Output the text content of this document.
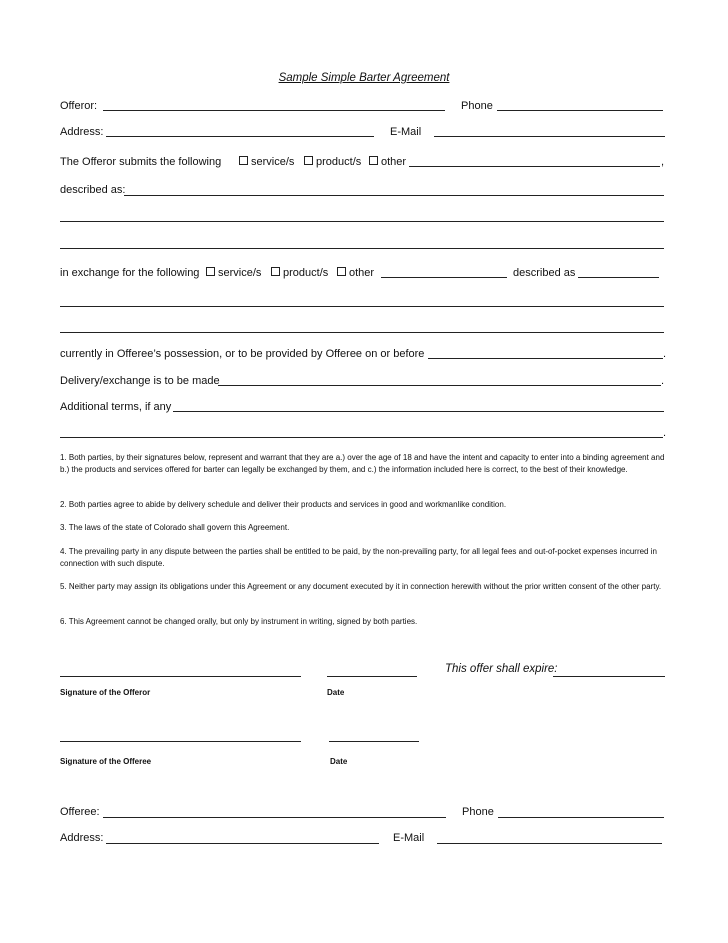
Sample Simple Barter Agreement
Offeror:	Phone
Address:	E-Mail
The Offeror submits the following	service/s	product/s	other	,
described as:
in exchange for the following	service/s	product/s	other	described as
currently in Offeree’s possession, or to be provided by Offeree on or before	.
Delivery/exchange is to be made	.
Additional terms, if any
.
1. Both parties, by their signatures below, represent and warrant that they are a.) over the age of 18 and have the intent and capacity to enter into a binding agreement and b.) the products and services offered for barter can legally be exchanged by them, and c.) the information included here is correct, to the best of their knowledge.
2. Both parties agree to abide by delivery schedule and deliver their products and services in good and workmanlike condition.
3. The laws of the state of Colorado shall govern this Agreement.
4. The prevailing party in any dispute between the parties shall be entitled to be paid, by the non-prevailing party, for all legal fees and out-of-pocket expenses incurred in connection with such dispute.
5. Neither party may assign its obligations under this Agreement or any document executed by it in connection herewith without the prior written consent of the other party.
6. This Agreement cannot be changed orally, but only by instrument in writing, signed by both parties.
This offer shall expire:
Signature of the Offeror	Date
Signature of the Offeree	Date
Offeree:	Phone
Address:	E-Mail
